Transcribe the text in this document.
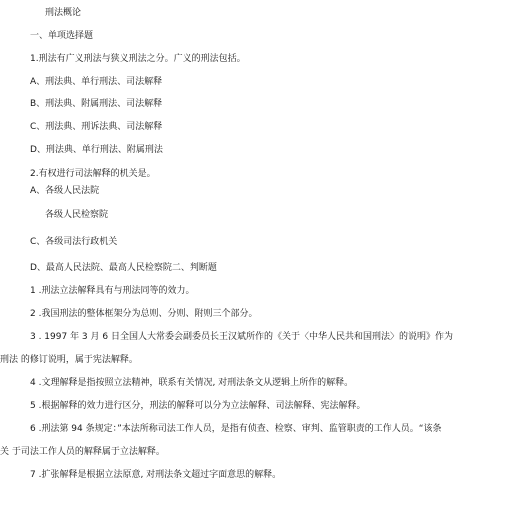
刑法概论
一、单项选择题
1.刑法有广义刑法与狭义刑法之分。广义的刑法包括。
A、刑法典、单行刑法、司法解释
B、刑法典、附属刑法、司法解释
C、刑法典、刑诉法典、司法解释
D、刑法典、单行刑法、附属刑法
2.有权进行司法解释的机关是。
A、各级人民法院
各级人民检察院
C、各级司法行政机关
D、最高人民法院、最高人民检察院二、判断题
1 .刑法立法解释具有与刑法同等的效力。
2 .我国刑法的整体框架分为总则、分则、附则三个部分。
3 . 1997 年 3 月 6 日全国人大常委会副委员长王汉斌所作的《关于〈中华人民共和国刑法〉的说明》作为
刑法 的修订说明，属于宪法解释。
4 .文理解释是指按照立法精神，联系有关情况, 对刑法条文从逻辑上所作的解释。
5 .根据解释的效力进行区分，刑法的解释可以分为立法解释、司法解释、宪法解释。
6 .刑法第 94 条规定：”本法所称司法工作人员，是指有侦查、检察、审判、监管职责的工作人员。“该条
关 于司法工作人员的解释属于立法解释。
7 .扩张解释是根据立法原意, 对刑法条文超过字面意思的解释。
